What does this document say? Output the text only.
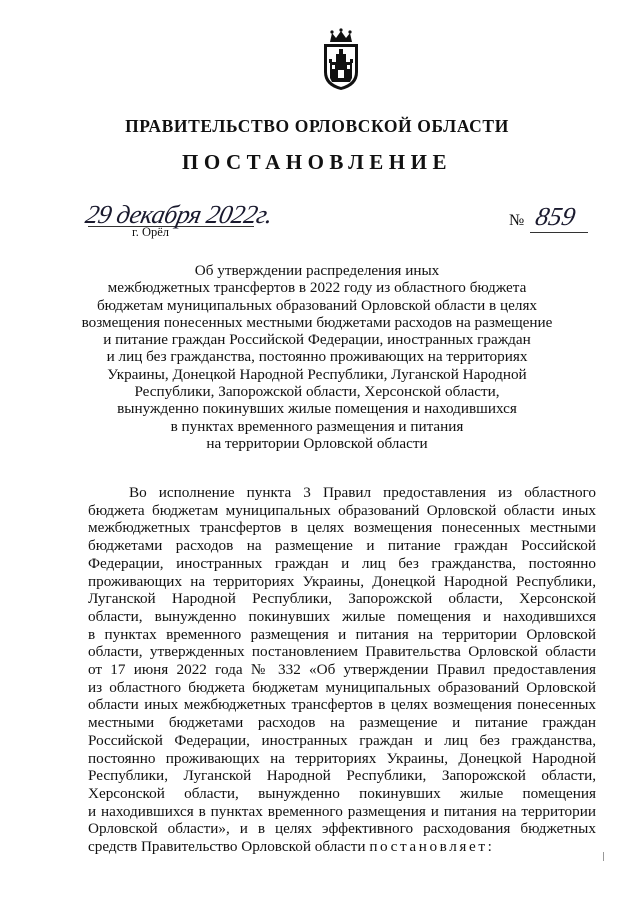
ПРАВИТЕЛЬСТВО ОРЛОВСКОЙ ОБЛАСТИ
ПОСТАНОВЛЕНИЕ
29 декабря 2022г.
г. Орёл
№ 859
Об утверждении распределения иных
межбюджетных трансфертов в 2022 году из областного бюджета
бюджетам муниципальных образований Орловской области в целях
возмещения понесенных местными бюджетами расходов на размещение
и питание граждан Российской Федерации, иностранных граждан
и лиц без гражданства, постоянно проживающих на территориях
Украины, Донецкой Народной Республики, Луганской Народной
Республики, Запорожской области, Херсонской области,
вынужденно покинувших жилые помещения и находившихся
в пунктах временного размещения и питания
на территории Орловской области
Во исполнение пункта 3 Правил предоставления из областного
бюджета бюджетам муниципальных образований Орловской области иных
межбюджетных трансфертов в целях возмещения понесенных местными
бюджетами расходов на размещение и питание граждан Российской
Федерации, иностранных граждан и лиц без гражданства, постоянно
проживающих на территориях Украины, Донецкой Народной Республики,
Луганской Народной Республики, Запорожской области, Херсонской
области, вынужденно покинувших жилые помещения и находившихся
в пунктах временного размещения и питания на территории Орловской
области, утвержденных постановлением Правительства Орловской области
от 17 июня 2022 года № 332 «Об утверждении Правил предоставления
из областного бюджета бюджетам муниципальных образований Орловской
области иных межбюджетных трансфертов в целях возмещения понесенных
местными бюджетами расходов на размещение и питание граждан
Российской Федерации, иностранных граждан и лиц без гражданства,
постоянно проживающих на территориях Украины, Донецкой Народной
Республики, Луганской Народной Республики, Запорожской области,
Херсонской области, вынужденно покинувших жилые помещения
и находившихся в пунктах временного размещения и питания на территории
Орловской области», и в целях эффективного расходования бюджетных
средств Правительство Орловской области постановляет:
